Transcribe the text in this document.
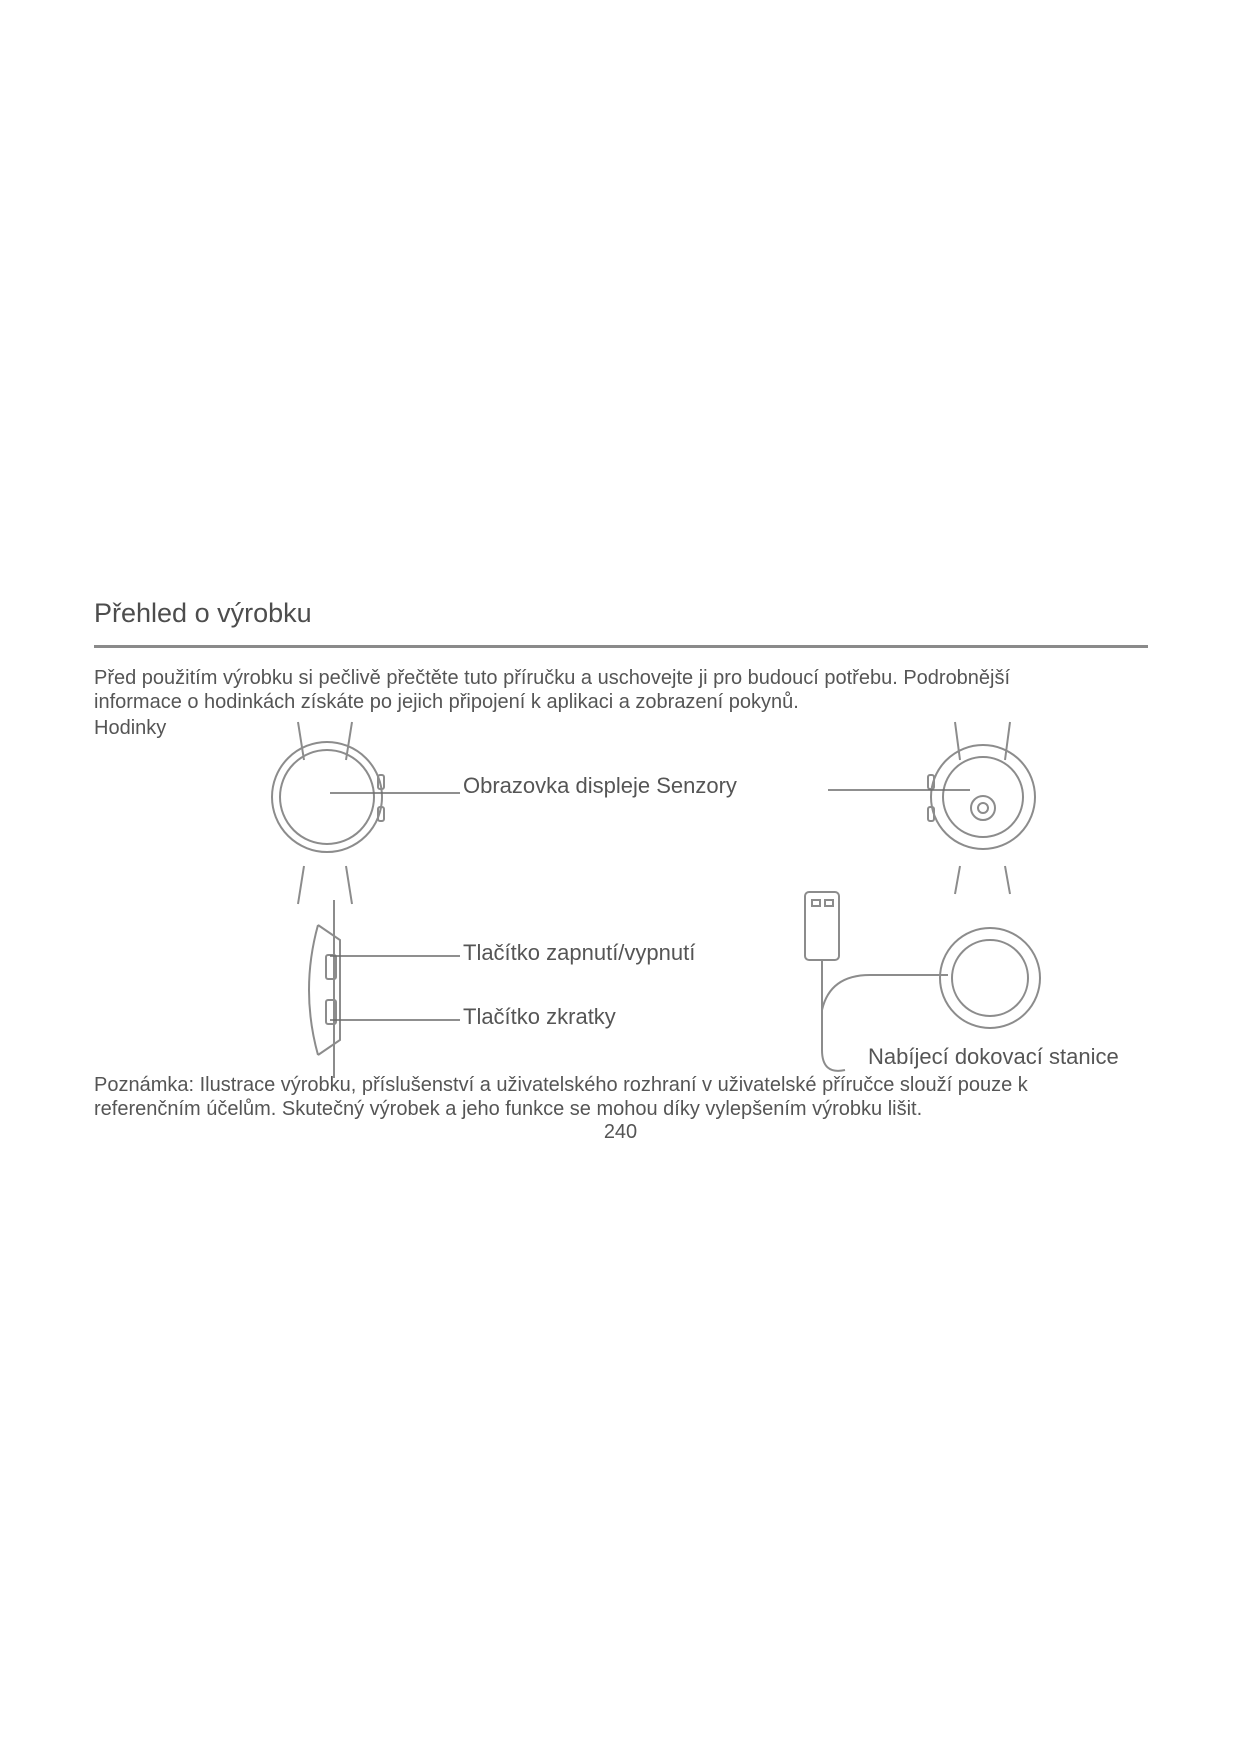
Přehled o výrobku

Před použitím výrobku si pečlivě přečtěte tuto příručku a uschovejte ji pro budoucí potřebu. Podrobnější

informace o hodinkách získáte po jejich připojení k aplikaci a zobrazení pokynů.

Hodinky
Obrazovka displeje Senzory
Tlačítko zapnutí/vypnutí
Tlačítko zkratky
Nabíjecí dokovací stanice

Poznámka: Ilustrace výrobku, příslušenství a uživatelského rozhraní v uživatelské příručce slouží pouze k

referenčním účelům. Skutečný výrobek a jeho funkce se mohou díky vylepšením výrobku lišit.

240
